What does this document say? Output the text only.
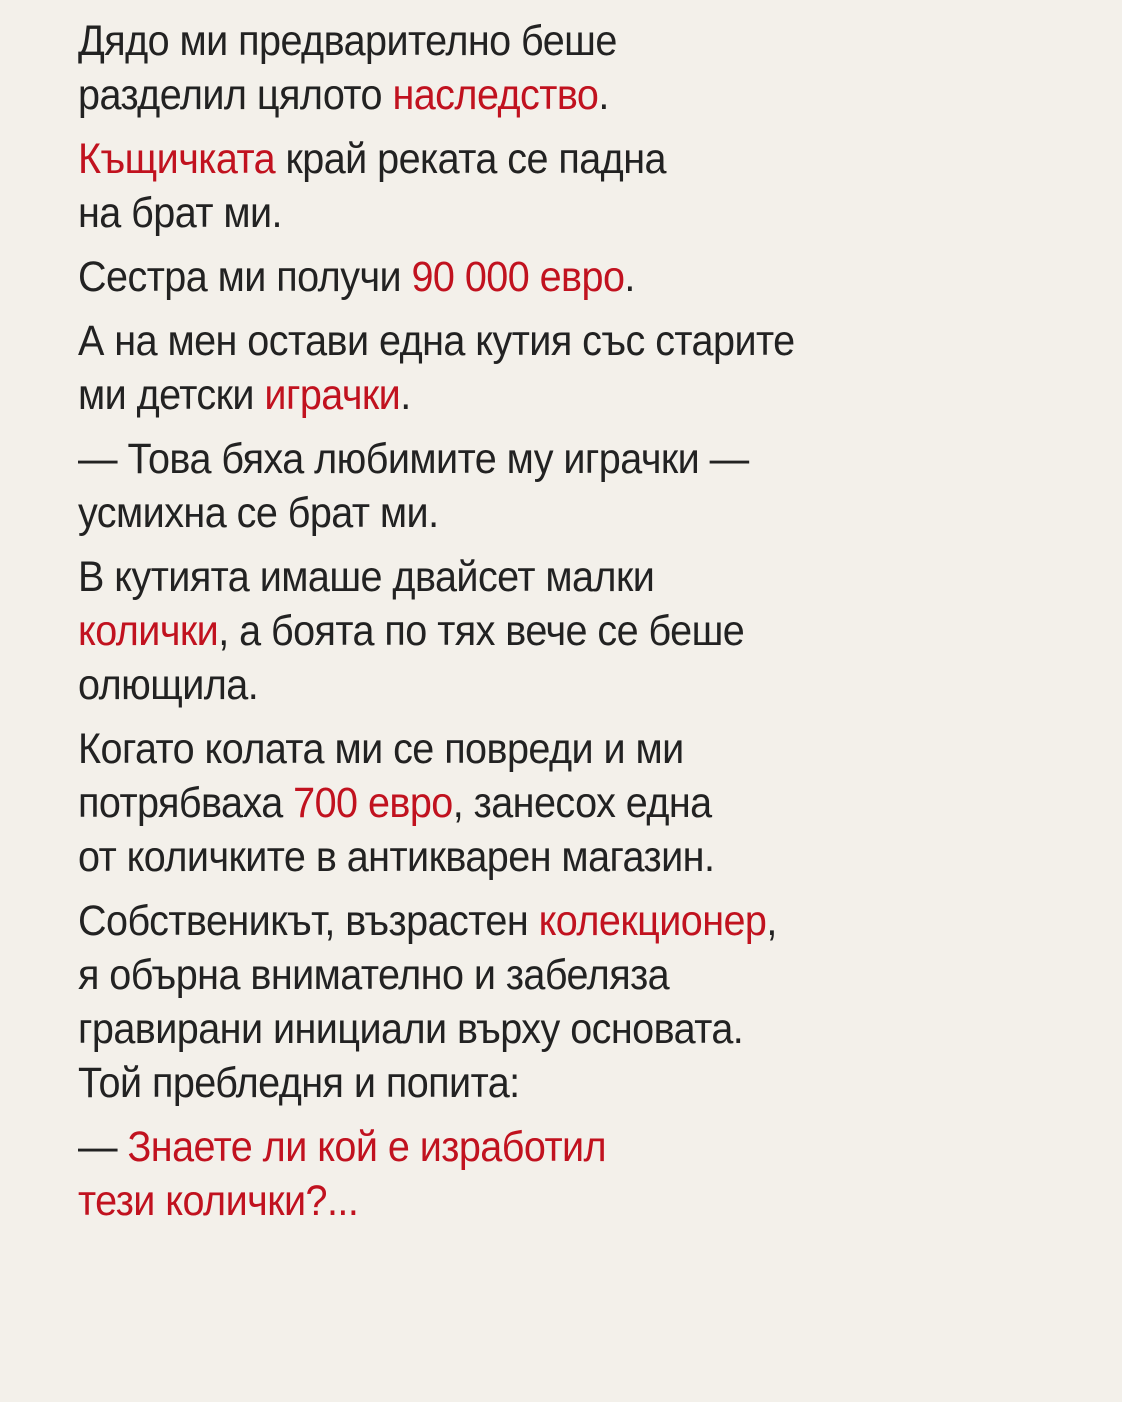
Дядо ми предварително беше
разделил цялото наследство.
Къщичката край реката се падна
на брат ми.
Сестра ми получи 90 000 евро.
А на мен остави една кутия със старите
ми детски играчки.
— Това бяха любимите му играчки —
усмихна се брат ми.
В кутията имаше двайсет малки
колички, а боята по тях вече се беше
олющила.
Когато колата ми се повреди и ми
потрябваха 700 евро, занесох една
от количките в антикварен магазин.
Собственикът, възрастен колекционер,
я обърна внимателно и забеляза
гравирани инициали върху основата.
Той пребледня и попита:
— Знаете ли кой е изработил
тези колички?...
